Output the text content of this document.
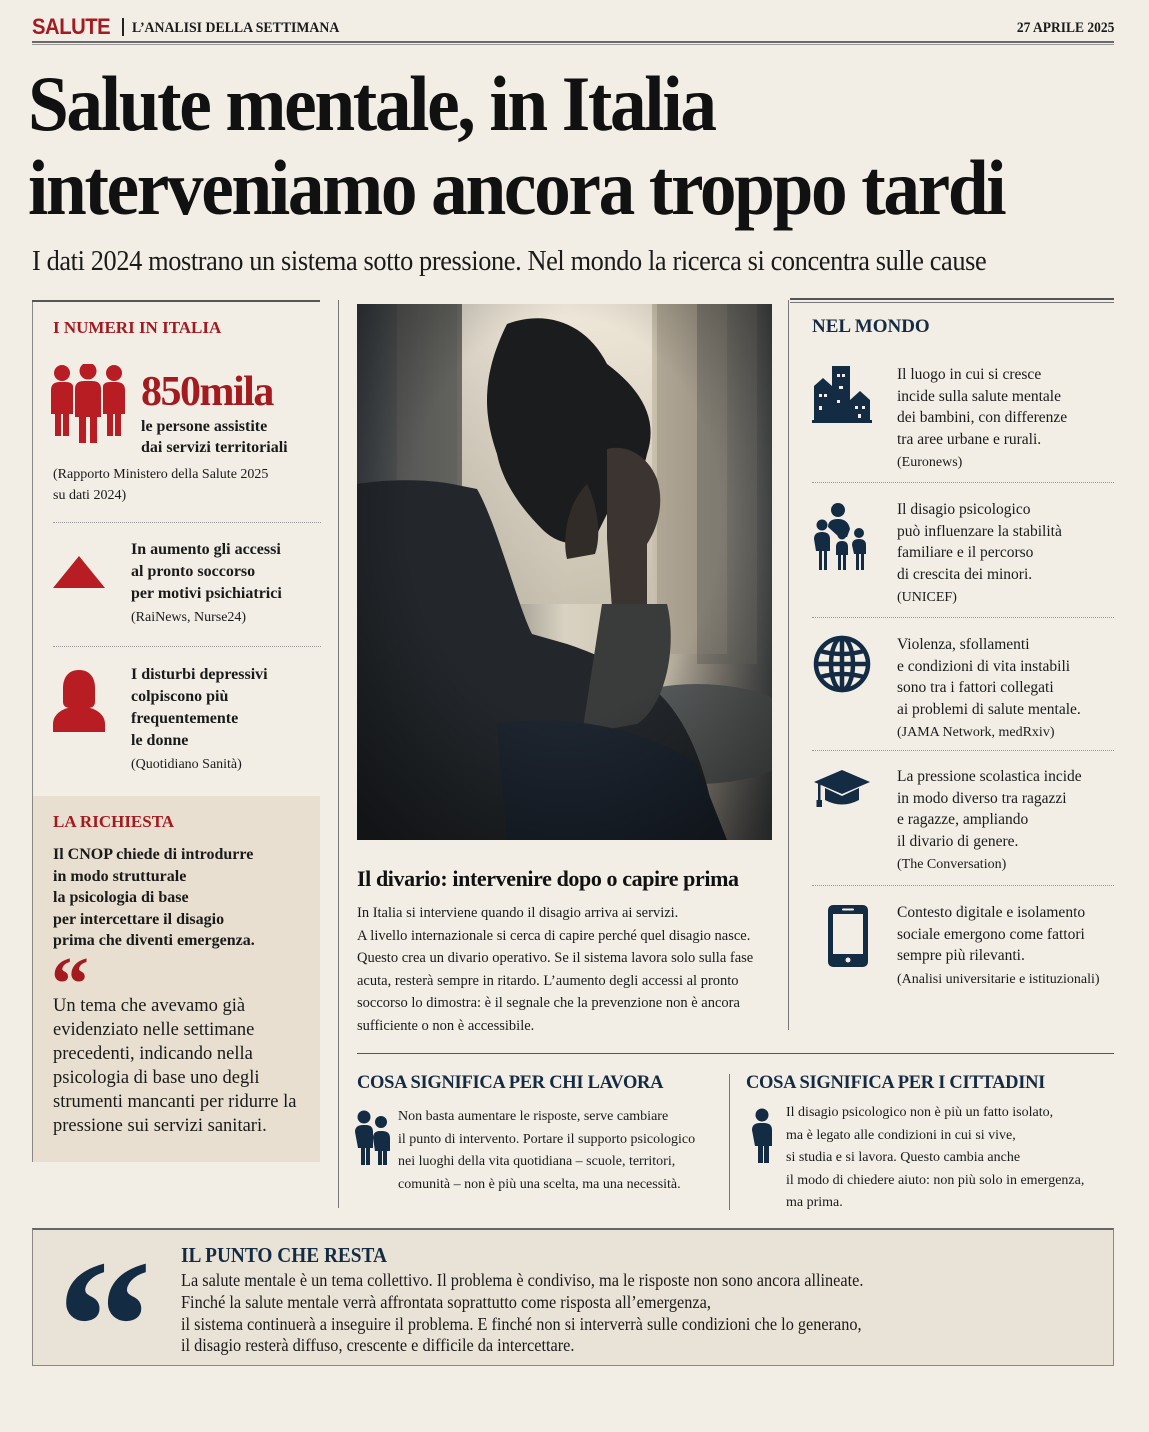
SALUTE L’ANALISI DELLA SETTIMANA	27 APRILE 2025
Salute mentale, in Italia
interveniamo ancora troppo tardi
I dati 2024 mostrano un sistema sotto pressione. Nel mondo la ricerca si concentra sulle cause
I NUMERI IN ITALIA
850mila
le persone assistite
dai servizi territoriali
(Rapporto Ministero della Salute 2025
su dati 2024)
In aumento gli accessi
al pronto soccorso
per motivi psichiatrici
(RaiNews, Nurse24)
I disturbi depressivi
colpiscono più
frequentemente
le donne
(Quotidiano Sanità)
LA RICHIESTA
Il CNOP chiede di introdurre
in modo strutturale
la psicologia di base
per intercettare il disagio
prima che diventi emergenza.
“
Un tema che avevamo già evidenziato nelle settimane precedenti, indicando nella psicologia di base uno degli strumenti mancanti per ridurre la pressione sui servizi sanitari.
Il divario: intervenire dopo o capire prima
In Italia si interviene quando il disagio arriva ai servizi.
A livello internazionale si cerca di capire perché quel disagio nasce.
Questo crea un divario operativo. Se il sistema lavora solo sulla fase
acuta, resterà sempre in ritardo. L’aumento degli accessi al pronto
soccorso lo dimostra: è il segnale che la prevenzione non è ancora
sufficiente o non è accessibile.
COSA SIGNIFICA PER CHI LAVORA
Non basta aumentare le risposte, serve cambiare
il punto di intervento. Portare il supporto psicologico
nei luoghi della vita quotidiana – scuole, territori,
comunità – non è più una scelta, ma una necessità.
COSA SIGNIFICA PER I CITTADINI
Il disagio psicologico non è più un fatto isolato,
ma è legato alle condizioni in cui si vive,
si studia e si lavora. Questo cambia anche
il modo di chiedere aiuto: non più solo in emergenza,
ma prima.
NEL MONDO
Il luogo in cui si cresce
incide sulla salute mentale
dei bambini, con differenze
tra aree urbane e rurali.
(Euronews)
Il disagio psicologico
può influenzare la stabilità
familiare e il percorso
di crescita dei minori.
(UNICEF)
Violenza, sfollamenti
e condizioni di vita instabili
sono tra i fattori collegati
ai problemi di salute mentale.
(JAMA Network, medRxiv)
La pressione scolastica incide
in modo diverso tra ragazzi
e ragazze, ampliando
il divario di genere.
(The Conversation)
Contesto digitale e isolamento
sociale emergono come fattori
sempre più rilevanti.
(Analisi universitarie e istituzionali)
“ IL PUNTO CHE RESTA
La salute mentale è un tema collettivo. Il problema è condiviso, ma le risposte non sono ancora allineate.
Finché la salute mentale verrà affrontata soprattutto come risposta all’emergenza,
il sistema continuerà a inseguire il problema. E finché non si interverrà sulle condizioni che lo generano,
il disagio resterà diffuso, crescente e difficile da intercettare.
